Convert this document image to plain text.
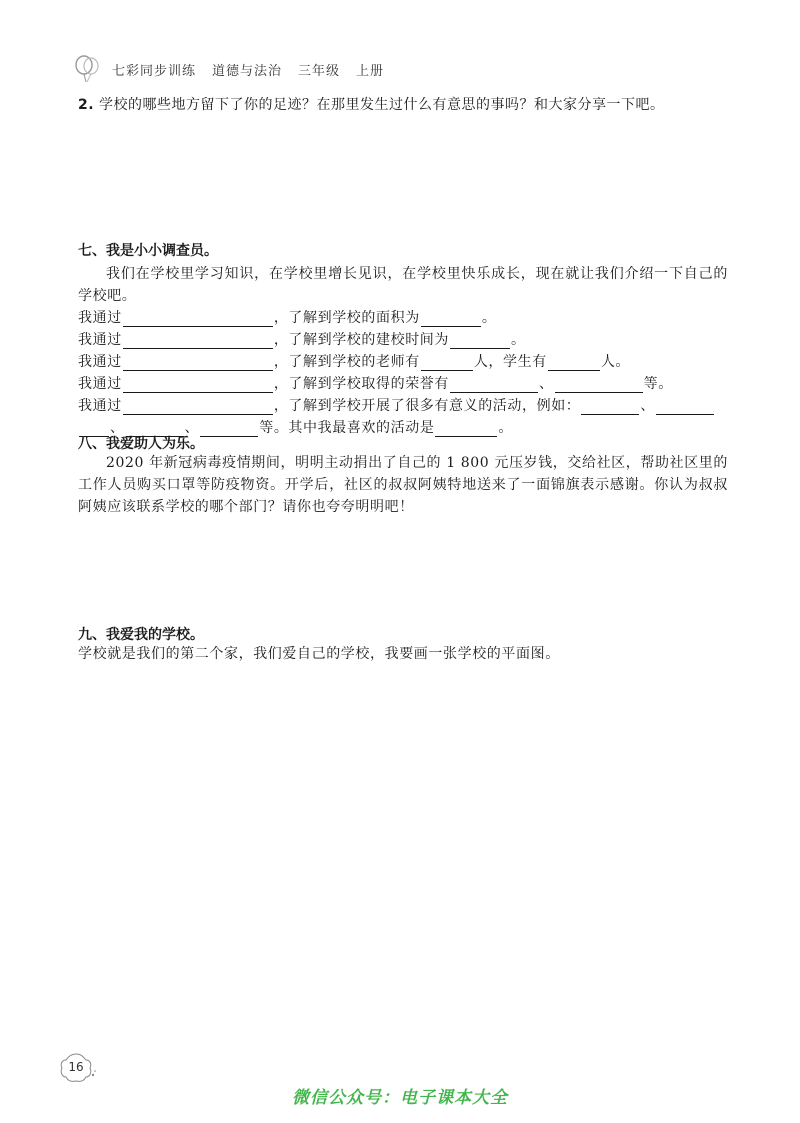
七彩同步训练 道德与法治 三年级 上册
2. 学校的哪些地方留下了你的足迹？在那里发生过什么有意思的事吗？和大家分享一下吧。
七、我是小小调查员。
我们在学校里学习知识，在学校里增长见识，在学校里快乐成长，现在就让我们介绍一下自己的学校吧。
我通过	，了解到学校的面积为	。
我通过	，了解到学校的建校时间为	。
我通过	，了解到学校的老师有	人，学生有	人。
我通过	，了解到学校取得的荣誉有	、	等。
我通过	，了解到学校开展了很多有意义的活动，例如：	、
、	、	等。其中我最喜欢的活动是	。
八、我爱助人为乐。
2020 年新冠病毒疫情期间，明明主动捐出了自己的 1 800 元压岁钱，交给社区，帮助社区里的工作人员购买口罩等防疫物资。开学后，社区的叔叔阿姨特地送来了一面锦旗表示感谢。你认为叔叔阿姨应该联系学校的哪个部门？请你也夸夸明明吧！
九、我爱我的学校。
学校就是我们的第二个家，我们爱自己的学校，我要画一张学校的平面图。
16
微信公众号：电子课本大全
